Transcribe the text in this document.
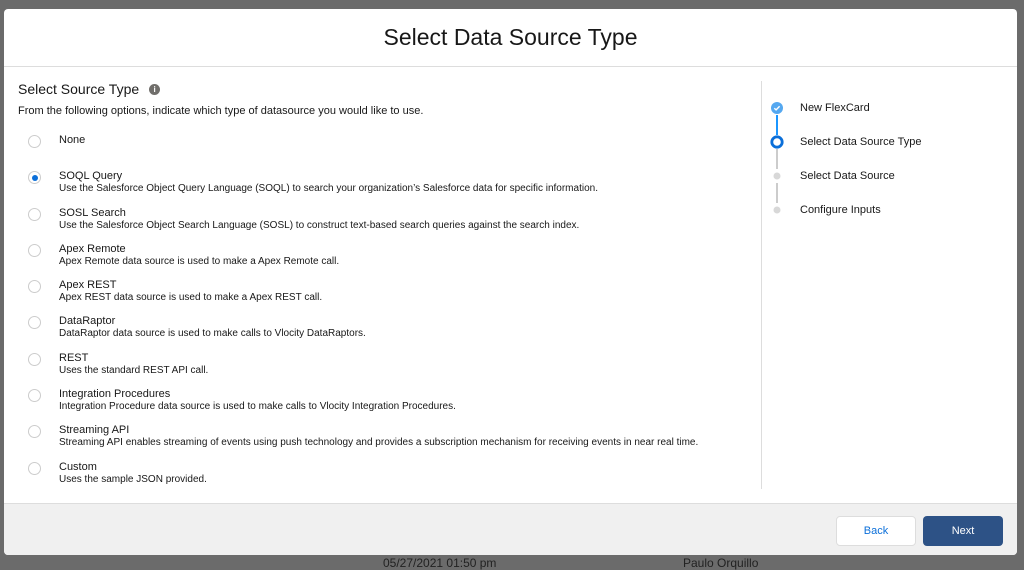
05/27/2021 01:50 pm	Paulo Orquillo
Select Data Source Type
Select Source Type	i
From the following options, indicate which type of datasource you would like to use.
None
SOQL Query
Use the Salesforce Object Query Language (SOQL) to search your organization’s Salesforce data for specific information.
SOSL Search
Use the Salesforce Object Search Language (SOSL) to construct text-based search queries against the search index.
Apex Remote
Apex Remote data source is used to make a Apex Remote call.
Apex REST
Apex REST data source is used to make a Apex REST call.
DataRaptor
DataRaptor data source is used to make calls to Vlocity DataRaptors.
REST
Uses the standard REST API call.
Integration Procedures
Integration Procedure data source is used to make calls to Vlocity Integration Procedures.
Streaming API
Streaming API enables streaming of events using push technology and provides a subscription mechanism for receiving events in near real time.
Custom
Uses the sample JSON provided.
New FlexCard
Select Data Source Type
Select Data Source
Configure Inputs
Back	Next
